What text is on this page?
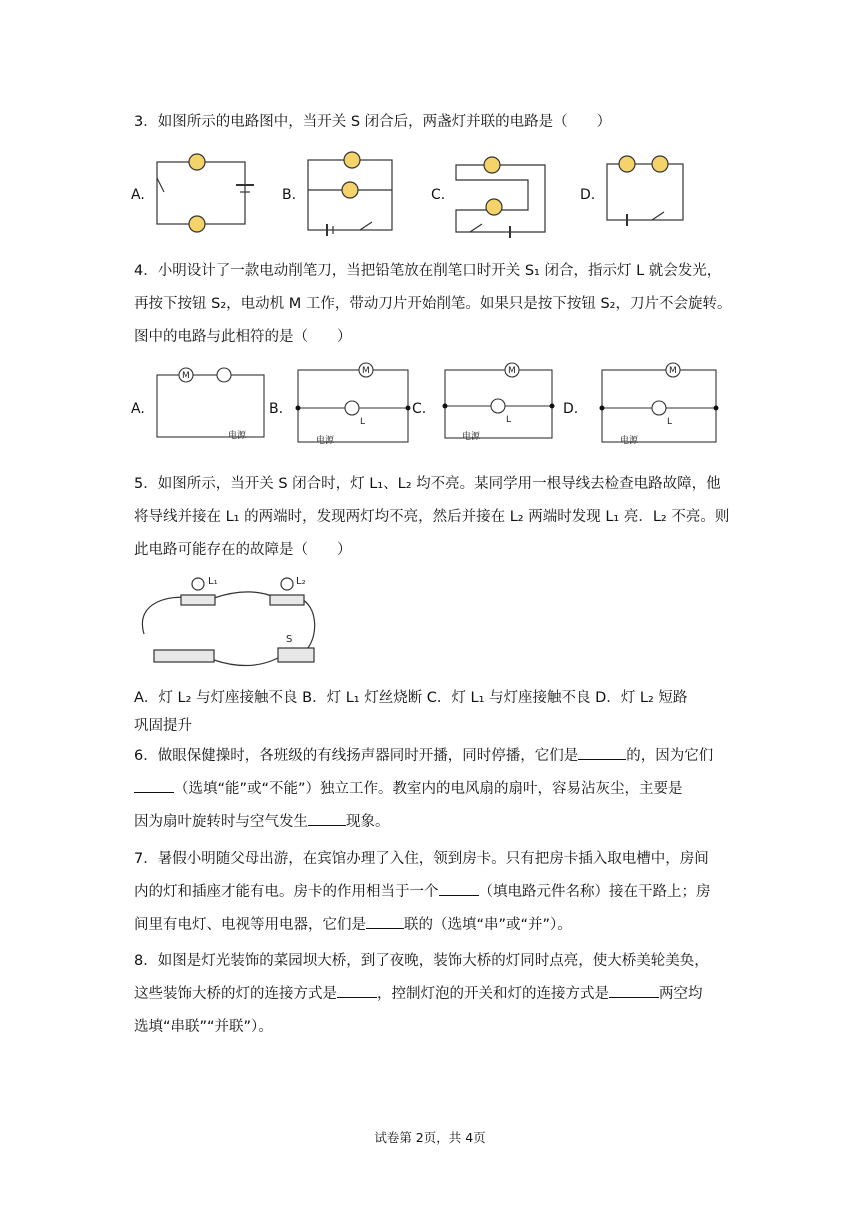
3．如图所示的电路图中，当开关 S 闭合后，两盏灯并联的电路是（　　）
A.	B.	C.	D.
4．小明设计了一款电动削笔刀，当把铅笔放在削笔口时开关 S₁ 闭合，指示灯 L 就会发光，
再按下按钮 S₂，电动机 M 工作，带动刀片开始削笔。如果只是按下按钮 S₂，刀片不会旋转。
图中的电路与此相符的是（　　）
A.	B.	C.	D.
M
电源
M
L
电源
M
L
电源
M
L
电源
5．如图所示，当开关 S 闭合时，灯 L₁、L₂ 均不亮。某同学用一根导线去检查电路故障，他
将导线并接在 L₁ 的两端时，发现两灯均不亮，然后并接在 L₂ 两端时发现 L₁ 亮．L₂ 不亮。则
此电路可能存在的故障是（　　）
L₁	L₂
S
A．灯 L₂ 与灯座接触不良 B．灯 L₁ 灯丝烧断 C．灯 L₁ 与灯座接触不良 D．灯 L₂ 短路
巩固提升
6．做眼保健操时，各班级的有线扬声器同时开播，同时停播，它们是	的，因为它们
（选填“能”或“不能”）独立工作。教室内的电风扇的扇叶，容易沾灰尘，主要是
因为扇叶旋转时与空气发生	现象。
7．暑假小明随父母出游，在宾馆办理了入住，领到房卡。只有把房卡插入取电槽中，房间
内的灯和插座才能有电。房卡的作用相当于一个	（填电路元件名称）接在干路上；房
间里有电灯、电视等用电器，它们是	联的（选填“串”或“并”）。
8．如图是灯光装饰的菜园坝大桥，到了夜晚，装饰大桥的灯同时点亮，使大桥美轮美奂，
这些装饰大桥的灯的连接方式是	，控制灯泡的开关和灯的连接方式是	两空均
选填“串联”“并联”）。
试卷第 2页，共 4页
